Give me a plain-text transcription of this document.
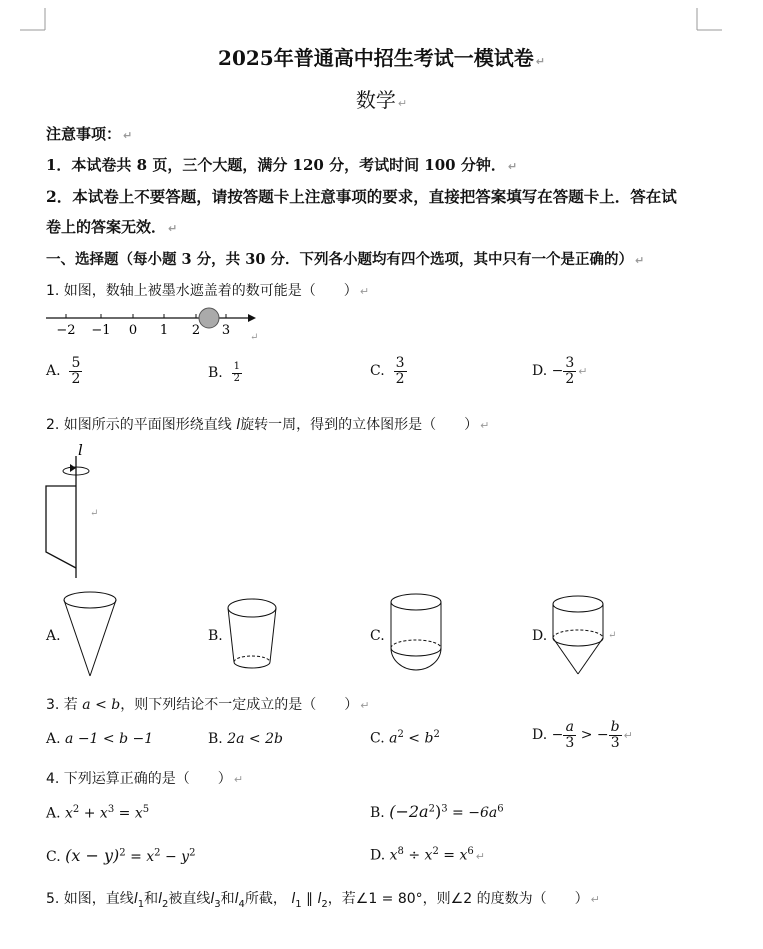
2025年普通高中招生考试一模试卷 ↵
数学 ↵
注意事项： ↵
1．本试卷共 8 页，三个大题，满分 120 分，考试时间 100 分钟． ↵
2．本试卷上不要答题，请按答题卡上注意事项的要求，直接把答案填写在答题卡上．答在试
卷上的答案无效． ↵
一、选择题（每小题 3 分，共 30 分．下列各小题均有四个选项，其中只有一个是正确的） ↵
1. 如图，数轴上被墨水遮盖着的数可能是（　　） ↵
−2 −1 0 1 2 3 ↵
A. $\frac{5}{2}$	B. $\frac{1}{2}$	C. $\frac{3}{2}$	D. − $\frac{3}{2}$ ↵
2. 如图所示的平面图形绕直线 l旋转一周，得到的立体图形是（　　） ↵
l
↵
A.	B.	C.	D.	↵
3. 若 a < b，则下列结论不一定成立的是（　　） ↵
A. a −1 < b −1	B. 2a < 2b	C. $a^2 < b^2$	D. − $\frac{a}{3}$ > − $\frac{b}{3}$ ↵
4. 下列运算正确的是（　　） ↵
A. $x^2 + x^3 = x^5$	B. $(-2a^2)^3 = -6a^6$
C. $(x - y)^2 = x^2 - y^2$	D. $x^8 \div x^2 = x^6$ ↵
5. 如图，直线$l_1$和$l_2$被直线$l_3$和$l_4$所截， $l_1$ ∥ $l_2$，若∠1 = 80°，则∠2 的度数为（　　） ↵
